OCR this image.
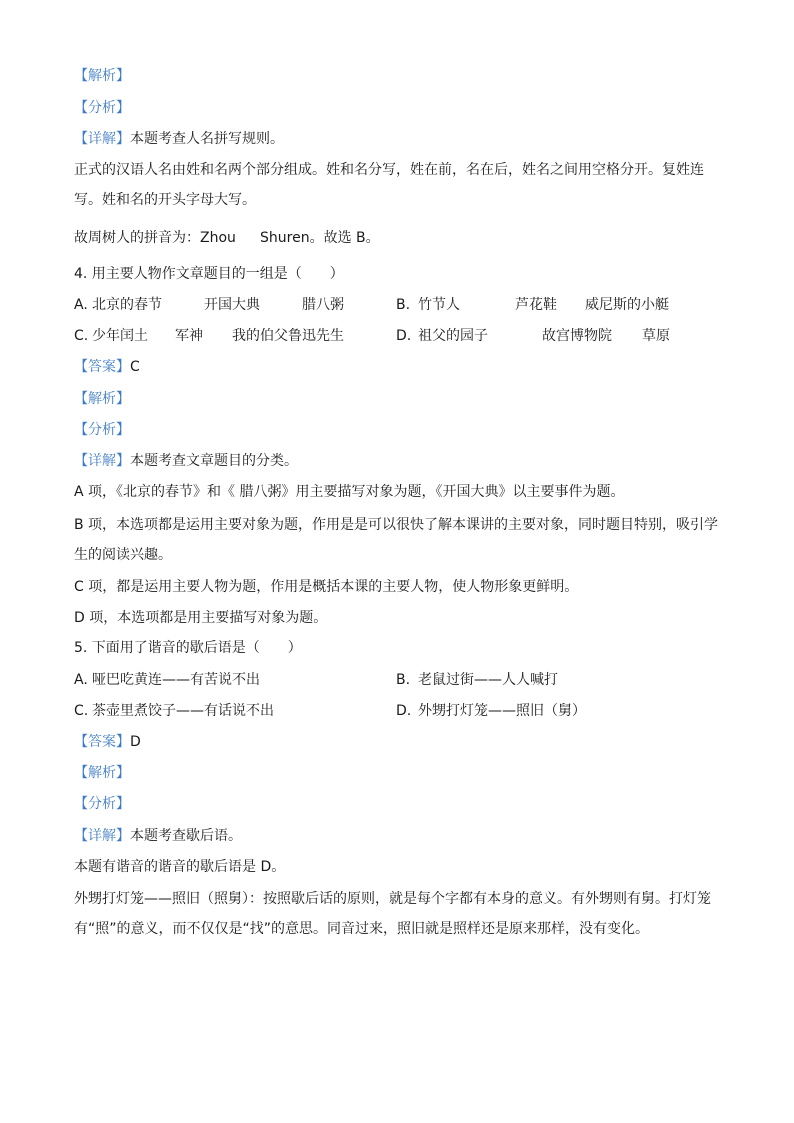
【解析】
【分析】
【详解】本题考查人名拼写规则。
正式的汉语人名由姓和名两个部分组成。姓和名分写，姓在前，名在后，姓名之间用空格分开。复姓连
写。姓和名的开头字母大写。
故周树人的拼音为：Zhou Shuren。故选 B。
4. 用主要人物作文章题目的一组是（　　）
A. 北京的春节	开国大典	腊八粥	B. 竹节人	芦花鞋 威尼斯的小艇
C. 少年闰土 军神 我的伯父鲁迅先生	D. 祖父的园子	故宫博物院 草原
【答案】C
【解析】
【分析】
【详解】本题考查文章题目的分类。
A 项，《北京的春节》和《 腊八粥》用主要描写对象为题，《开国大典》以主要事件为题。
B 项，本选项都是运用主要对象为题，作用是是可以很快了解本课讲的主要对象，同时题目特别，吸引学
生的阅读兴趣。
C 项，都是运用主要人物为题，作用是概括本课的主要人物，使人物形象更鲜明。
D 项，本选项都是用主要描写对象为题。
5. 下面用了谐音的歇后语是（　　）
A. 哑巴吃黄连——有苦说不出	B. 老鼠过街——人人喊打
C. 茶壶里煮饺子——有话说不出	D. 外甥打灯笼——照旧（舅）
【答案】D
【解析】
【分析】
【详解】本题考查歇后语。
本题有谐音的谐音的歇后语是 D。
外甥打灯笼——照旧（照舅）：按照歇后话的原则，就是每个字都有本身的意义。有外甥则有舅。打灯笼
有“照”的意义，而不仅仅是“找”的意思。同音过来，照旧就是照样还是原来那样，没有变化。
